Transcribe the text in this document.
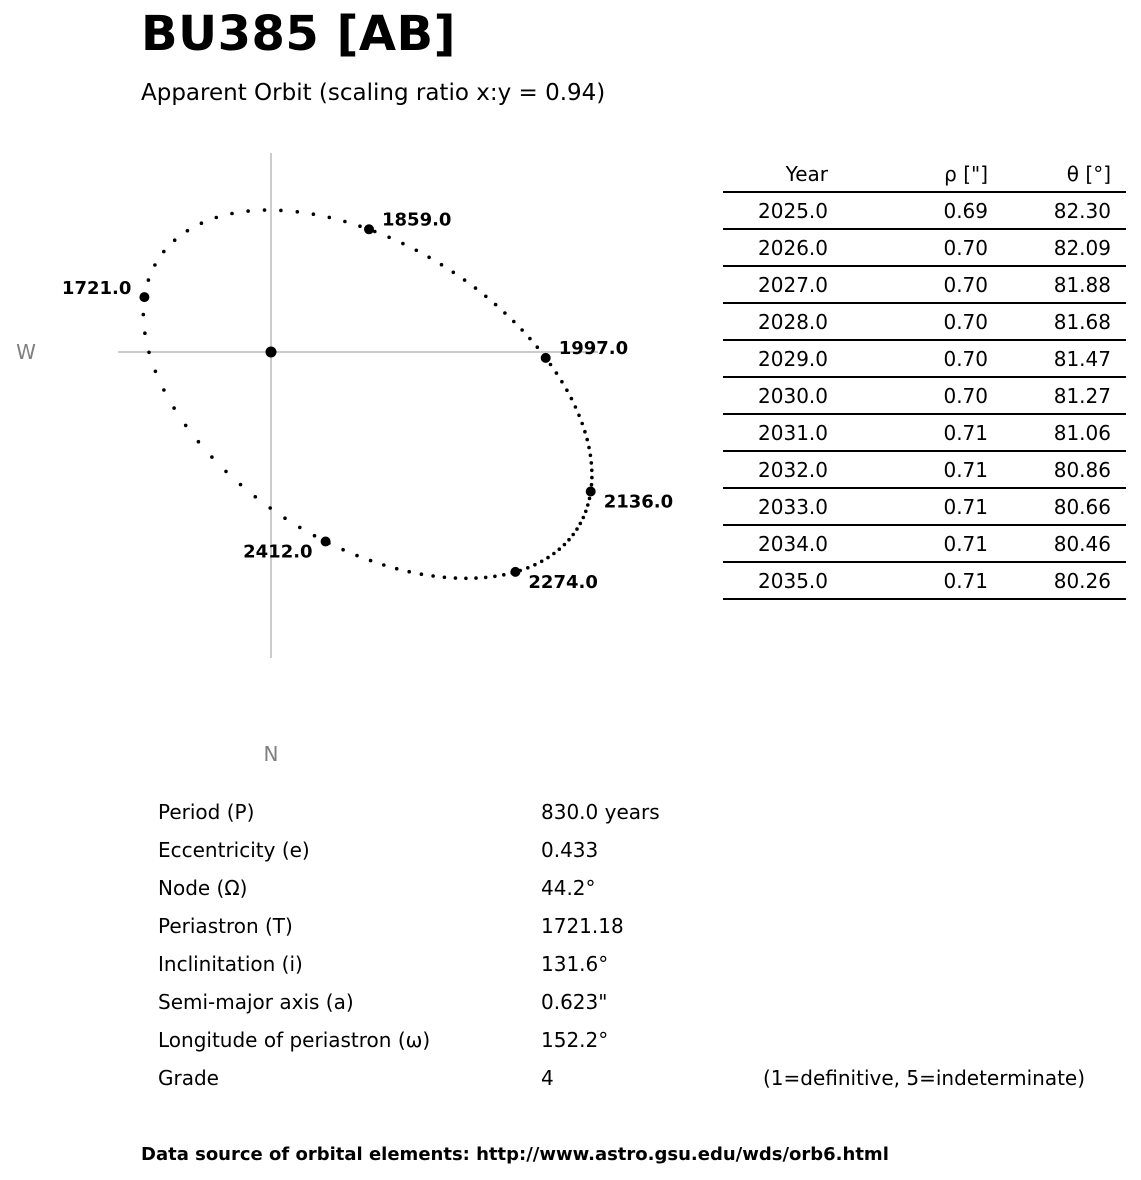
BU385 [AB]
Apparent Orbit (scaling ratio x:y = 0.94)
1721.0
1859.0
1997.0
2136.0
2274.0
2412.0
W
N
Year	ρ ["]	θ [°]
2025.0	0.69	82.30
2026.0	0.70	82.09
2027.0	0.70	81.88
2028.0	0.70	81.68
2029.0	0.70	81.47
2030.0	0.70	81.27
2031.0	0.71	81.06
2032.0	0.71	80.86
2033.0	0.71	80.66
2034.0	0.71	80.46
2035.0	0.71	80.26
Period (P)	830.0 years
Eccentricity (e)	0.433
Node (Ω)	44.2°
Periastron (T)	1721.18
Inclinitation (i)	131.6°
Semi-major axis (a)	0.623"
Longitude of periastron (ω)	152.2°
Grade	4	(1=definitive, 5=indeterminate)
Data source of orbital elements: http://www.astro.gsu.edu/wds/orb6.html
